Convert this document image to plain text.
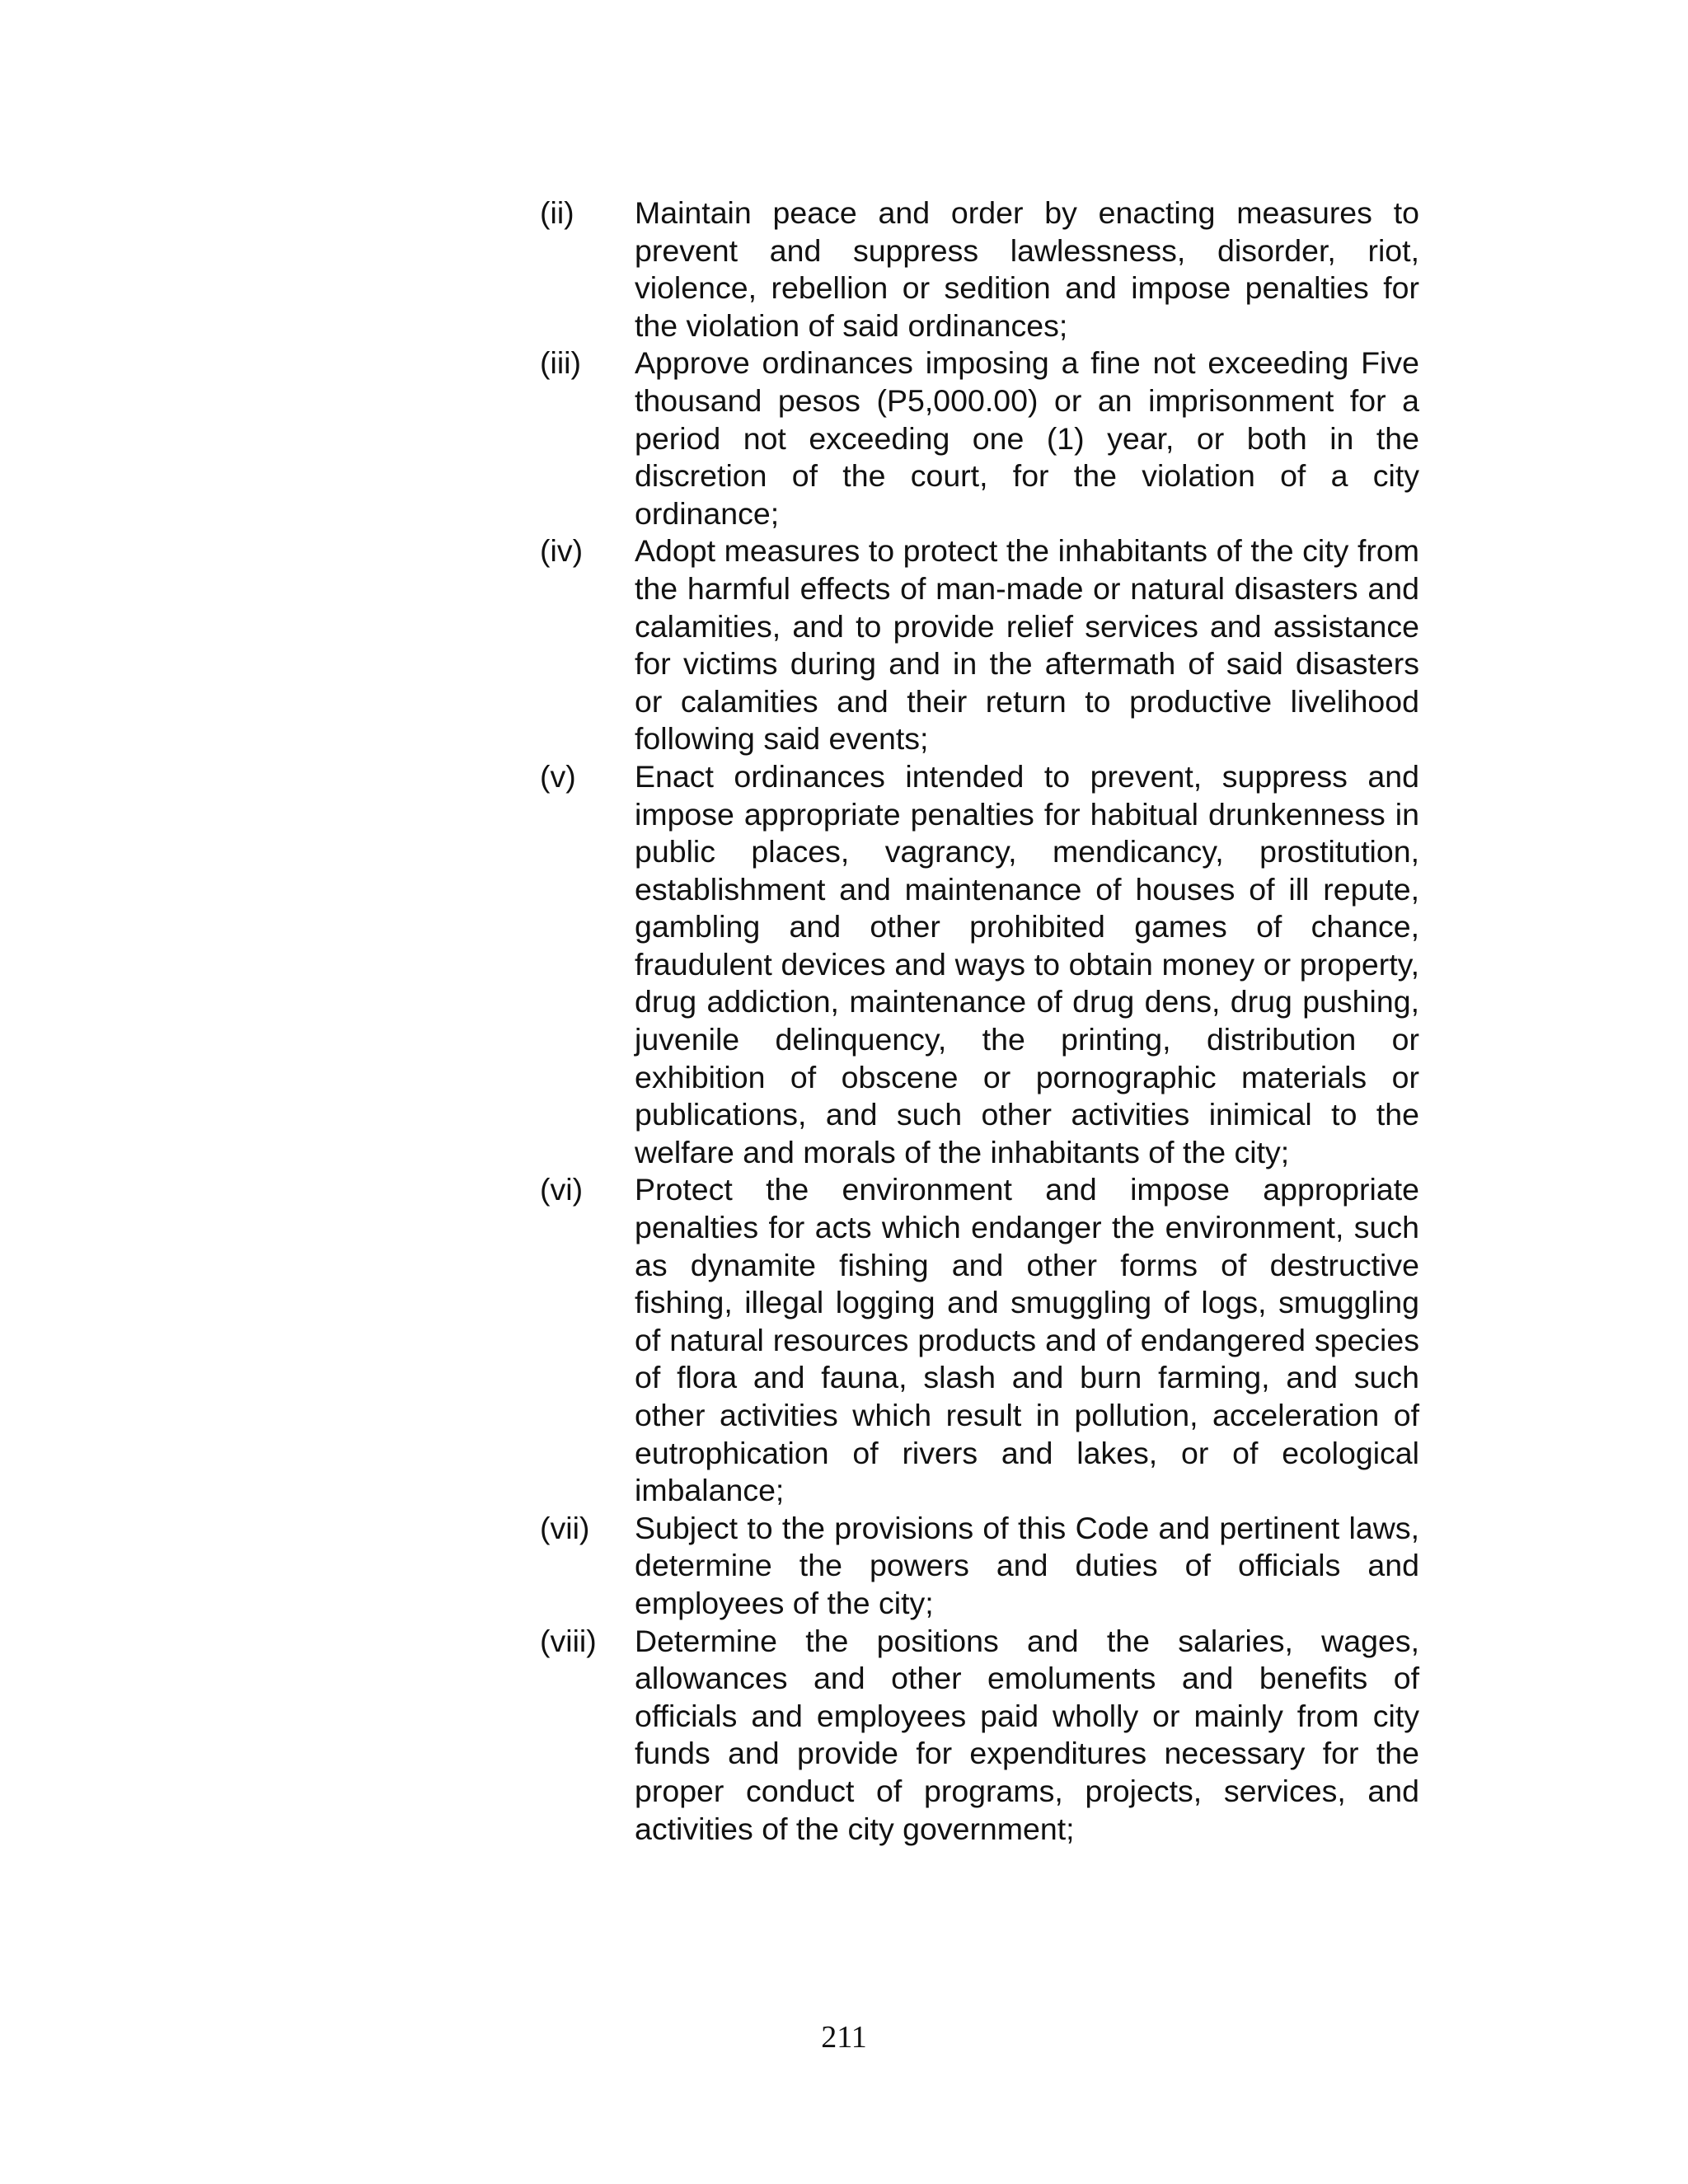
(ii)	Maintain peace and order by enacting measures to prevent and suppress lawlessness, disorder, riot, violence, rebellion or sedition and impose penalties for the violation of said ordinances;
(iii)	Approve ordinances imposing a fine not exceeding Five thousand pesos (P5,000.00) or an imprisonment for a period not exceeding one (1) year, or both in the discretion of the court, for the violation of a city ordinance;
(iv)	Adopt measures to protect the inhabitants of the city from the harmful effects of man-made or natural disasters and calamities, and to provide relief services and assistance for victims during and in the aftermath of said disasters or calamities and their return to productive livelihood following said events;
(v)	Enact ordinances intended to prevent, suppress and impose appropriate penalties for habitual drunkenness in public places, vagrancy, mendicancy, prostitution, establishment and maintenance of houses of ill repute, gambling and other prohibited games of chance, fraudulent devices and ways to obtain money or property, drug addiction, maintenance of drug dens, drug pushing, juvenile delinquency, the printing, distribution or exhibition of obscene or pornographic materials or publications, and such other activities inimical to the welfare and morals of the inhabitants of the city;
(vi)	Protect the environment and impose appropriate penalties for acts which endanger the environment, such as dynamite fishing and other forms of destructive fishing, illegal logging and smuggling of logs, smuggling of natural resources products and of endangered species of flora and fauna, slash and burn farming, and such other activities which result in pollution, acceleration of eutrophication of rivers and lakes, or of ecological imbalance;
(vii)	Subject to the provisions of this Code and pertinent laws, determine the powers and duties of officials and employees of the city;
(viii)	Determine the positions and the salaries, wages, allowances and other emoluments and benefits of officials and employees paid wholly or mainly from city funds and provide for expenditures necessary for the proper conduct of programs, projects, services, and activities of the city government;
211
